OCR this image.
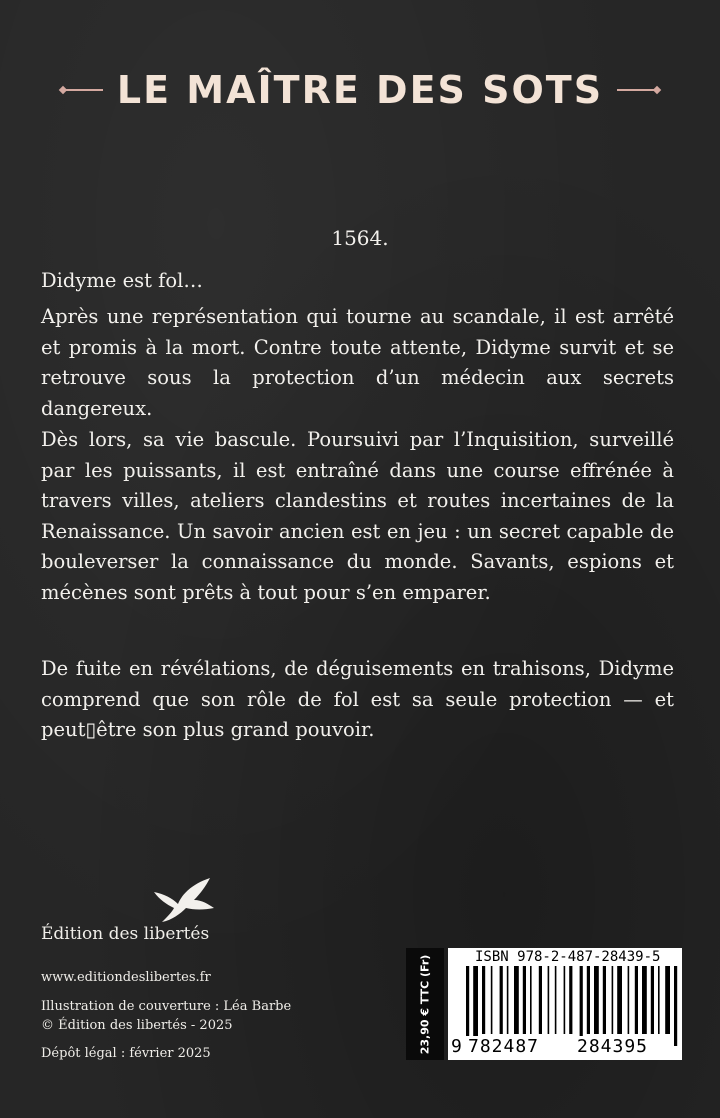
LE MAÎTRE DES SOTS
1564.
Didyme est fol…
Après une représentation qui tourne au scandale, il est arrêté et promis à la mort. Contre toute attente, Didyme survit et se retrouve sous la protection d’un médecin aux secrets dangereux.
Dès lors, sa vie bascule. Poursuivi par l’Inquisition, surveillé par les puissants, il est entraîné dans une course effrénée à travers villes, ateliers clandestins et routes incertaines de la Renaissance. Un savoir ancien est en jeu : un secret capable de bouleverser la connaissance du monde. Savants, espions et mécènes sont prêts à tout pour s’en emparer.
De fuite en révélations, de déguisements en trahisons, Didyme comprend que son rôle de fol est sa seule protection — et peut▯être son plus grand pouvoir.
Édition des libertés
www.editiondeslibertes.fr
Illustration de couverture : Léa Barbe
© Édition des libertés - 2025
Dépôt légal : février 2025	23,90 € TTC (Fr)	ISBN 978-2-487-28439-5
9 782487 284395
